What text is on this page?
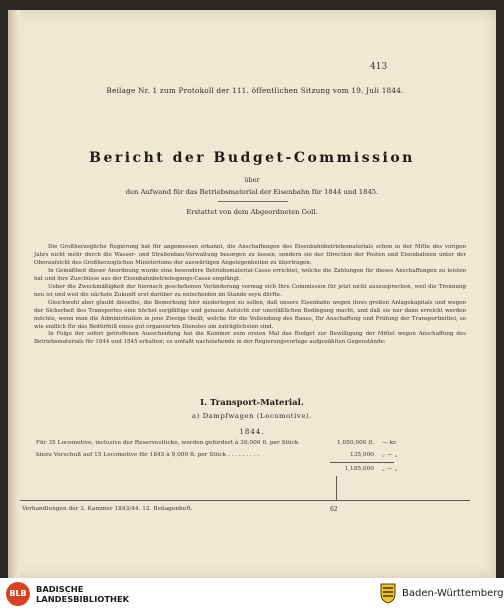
413
Beilage Nr. 1 zum Protokoll der 111. öffentlichen Sitzung vom 19. Juli 1844.
Bericht der Budget-Commission
über
den Aufwand für das Betriebsmaterial der Eisenbahn für 1844 und 1845.
Erstattet von dem Abgeordneten Goll.

Die Großherzogliche Regierung hat für angemessen erkannt, die Anschaffungen des Eisenbahnbetriebsmaterials schon in der Mitte des vorigen Jahrs nicht mehr durch die Wasser- und Straßenbau-Verwaltung besorgen zu lassen, sondern sie der Direction der Posten und Eisenbahnen unter der Oberaufsicht des Großherzoglichen Ministeriums der auswärtigen Angelegenheiten zu übertragen.

In Gemäßheit dieser Anordnung wurde eine besondere Betriebsmaterial-Casse errichtet, welche die Zahlungen für dieses Anschaffungen zu leisten hat und ihre Zuschüsse aus der Eisenbahnbetriebsgangs-Casse empfängt.

Ueber die Zweckmäßigkeit der hiernach geschehenen Veränderung vermag sich Ihre Commission für jetzt nicht auszusprechen, weil die Trennung neu ist und weil die nächste Zukunft erst darüber zu entscheiden im Stande seyn dürfte.

Gleichwohl aber glaubt dieselbe, die Bemerkung hier niederlegen zu sollen, daß unsere Eisenbahn wegen ihres großen Anlagekapitals und wegen der Sicherheit des Transportes eine höchst sorgfältige und genaue Aufsicht zur unerläßlichen Bedingung macht, und daß sie nur dann erreicht werden möchte, wenn man die Administration in jene Zweige theilt, welche für die Vollendung des Baues, für Anschaffung und Prüfung der Transportmittel, so wie endlich für das Bedürfniß eines gut organisirten Dienstes am zuträglichsten sind.

In Folge der sofort getroffenen Ausscheidung hat die Kammer zum ersten Mal das Budget zur Bewilligung der Mittel wegen Anschaffung des Betriebsmaterials für 1844 und 1845 erhalten; es umfaßt nachstehende in der Regierungsvorlage aufgezählten Gegenstände:

I. Transport-Material.
a) Dampfwagen (Locomotive).
1844.
Für 35 Locomotive, inclusive der Reservestücke, werden gefordert à 30,000 fl. per Stück	1,050,000 fl. — kr.
hiezu Vorschuß auf 15 Locomotive für 1845 à 9,000 fl. per Stück . . . . . . . . .	135,000 „ — „
1,185,000 „ — „
Verhandlungen der 2. Kammer 1843/44. 12. Beilagenheft.	62
BLB	BADISCHE
LANDESBIBLIOTHEK	Baden-Württemberg
